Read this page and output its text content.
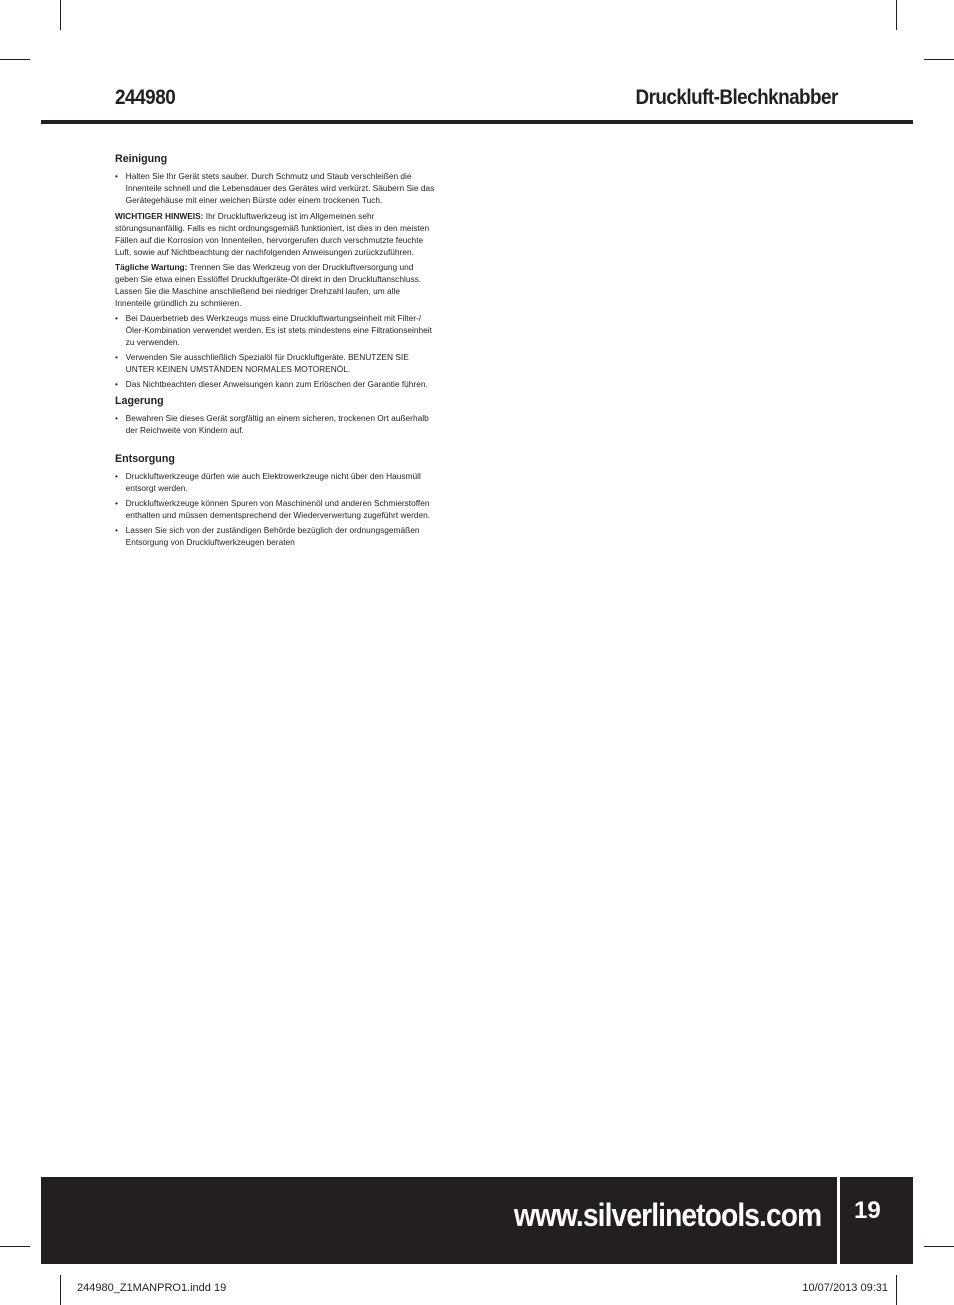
244980	Druckluft-Blechknabber
Reinigung
• Halten Sie Ihr Gerät stets sauber. Durch Schmutz und Staub verschleißen die Innenteile schnell und die Lebensdauer des Gerätes wird verkürzt. Säubern Sie das Gerätegehäuse mit einer weichen Bürste oder einem trockenen Tuch.

WICHTIGER HINWEIS: Ihr Druckluftwerkzeug ist im Allgemeinen sehr störungsunanfällig. Falls es nicht ordnungsgemäß funktioniert, ist dies in den meisten Fällen auf die Korrosion von Innenteilen, hervorgerufen durch verschmutzte feuchte Luft, sowie auf Nichtbeachtung der nachfolgenden Anweisungen zurückzuführen.

Tägliche Wartung: Trennen Sie das Werkzeug von der Druckluftversorgung und geben Sie etwa einen Esslöffel Druckluftgeräte-Öl direkt in den Druckluftanschluss. Lassen Sie die Maschine anschließend bei niedriger Drehzahl laufen, um alle Innenteile gründlich zu schmieren.

• Bei Dauerbetrieb des Werkzeugs muss eine Druckluftwartungseinheit mit Filter-/Öler-Kombination verwendet werden. Es ist stets mindestens eine Filtrationseinheit zu verwenden.
• Verwenden Sie ausschließlich Spezialöl für Druckluftgeräte. BENUTZEN SIE UNTER KEINEN UMSTÄNDEN NORMALES MOTORENÖL.
• Das Nichtbeachten dieser Anweisungen kann zum Erlöschen der Garantie führen.
Lagerung
• Bewahren Sie dieses Gerät sorgfältig an einem sicheren, trockenen Ort außerhalb der Reichweite von Kindern auf.
Entsorgung
• Druckluftwerkzeuge dürfen wie auch Elektrowerkzeuge nicht über den Hausmüll entsorgt werden.
• Druckluftwerkzeuge können Spuren von Maschinenöl und anderen Schmierstoffen enthalten und müssen dementsprechend der Wiederverwertung zugeführt werden.
• Lassen Sie sich von der zuständigen Behörde bezüglich der ordnungsgemäßen Entsorgung von Druckluftwerkzeugen beraten
www.silverlinetools.com 19
244980_Z1MANPRO1.indd 19	10/07/2013 09:31
